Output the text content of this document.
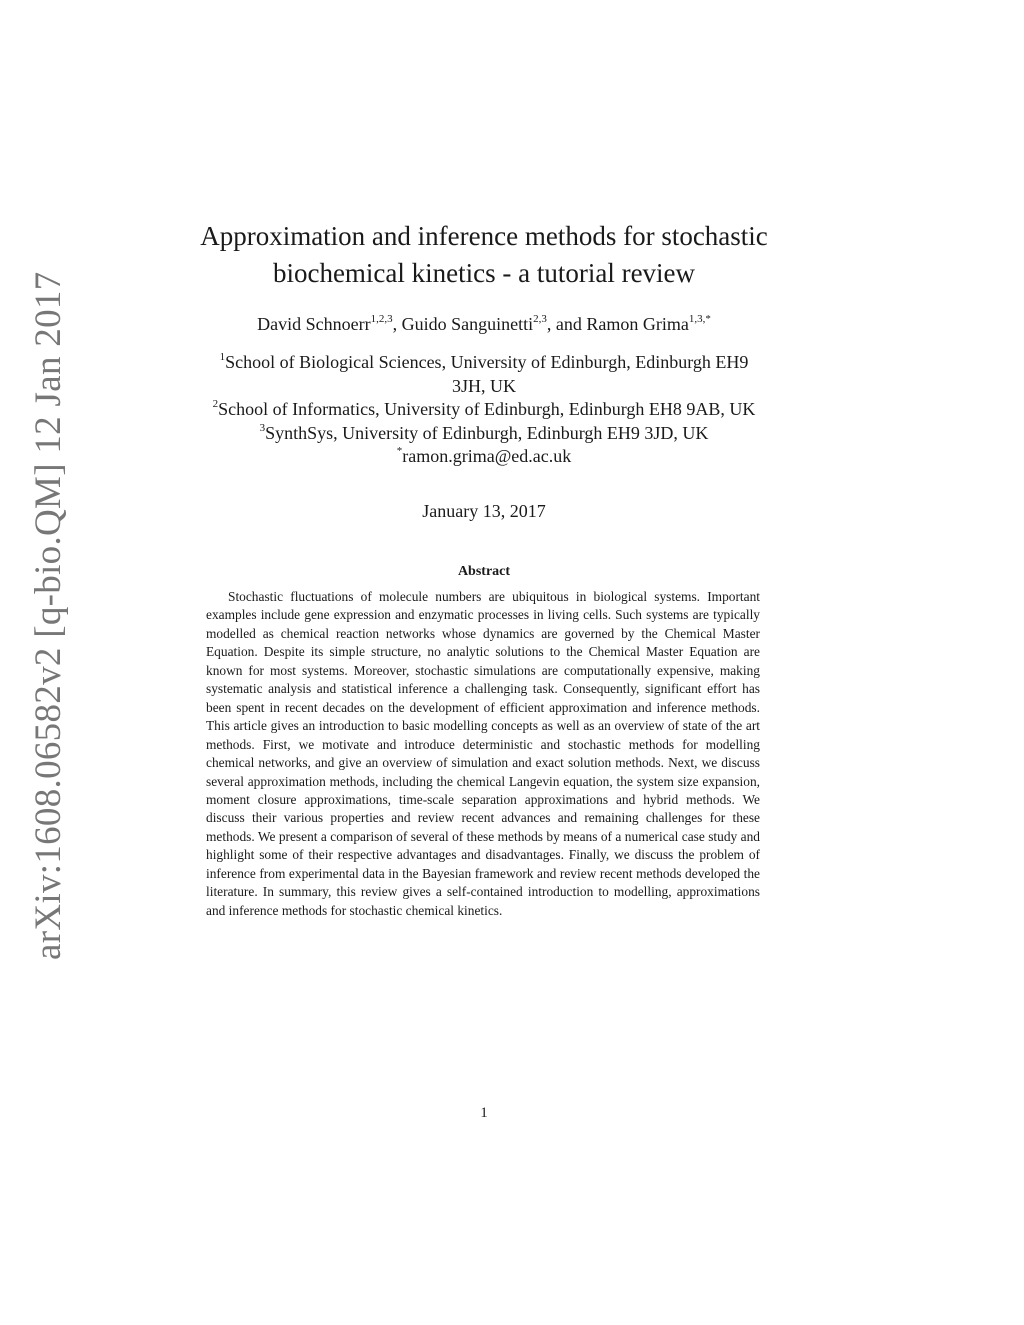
arXiv:1608.06582v2 [q-bio.QM] 12 Jan 2017
Approximation and inference methods for stochastic
biochemical kinetics - a tutorial review
David Schnoerr$^{1,2,3}$, Guido Sanguinetti$^{2,3}$, and Ramon Grima$^{1,3,*}$
$^1$School of Biological Sciences, University of Edinburgh, Edinburgh EH9
3JH, UK
$^2$School of Informatics, University of Edinburgh, Edinburgh EH8 9AB, UK
$^3$SynthSys, University of Edinburgh, Edinburgh EH9 3JD, UK
*ramon.grima@ed.ac.uk
January 13, 2017
Abstract

Stochastic fluctuations of molecule numbers are ubiquitous in biological systems. Important examples include gene expression and enzymatic processes in living cells. Such systems are typically modelled as chemical reaction networks whose dynamics are governed by the Chemical Master Equation. Despite its simple structure, no analytic solutions to the Chemical Master Equation are known for most systems. Moreover, stochastic simulations are computationally expensive, making systematic analysis and statistical inference a challenging task. Consequently, significant effort has been spent in recent decades on the development of efficient approximation and inference methods. This article gives an introduction to basic modelling concepts as well as an overview of state of the art methods. First, we motivate and introduce deterministic and stochastic methods for modelling chemical networks, and give an overview of simulation and exact solution methods. Next, we discuss several approximation methods, including the chemical Langevin equation, the system size expansion, moment closure approximations, time-scale separation approximations and hybrid methods. We discuss their various properties and review recent advances and remaining challenges for these methods. We present a comparison of several of these methods by means of a numerical case study and highlight some of their respective advantages and disadvantages. Finally, we discuss the problem of inference from experimental data in the Bayesian framework and review recent methods developed the literature. In summary, this review gives a self-contained introduction to modelling, approximations and inference methods for stochastic chemical kinetics.

1
